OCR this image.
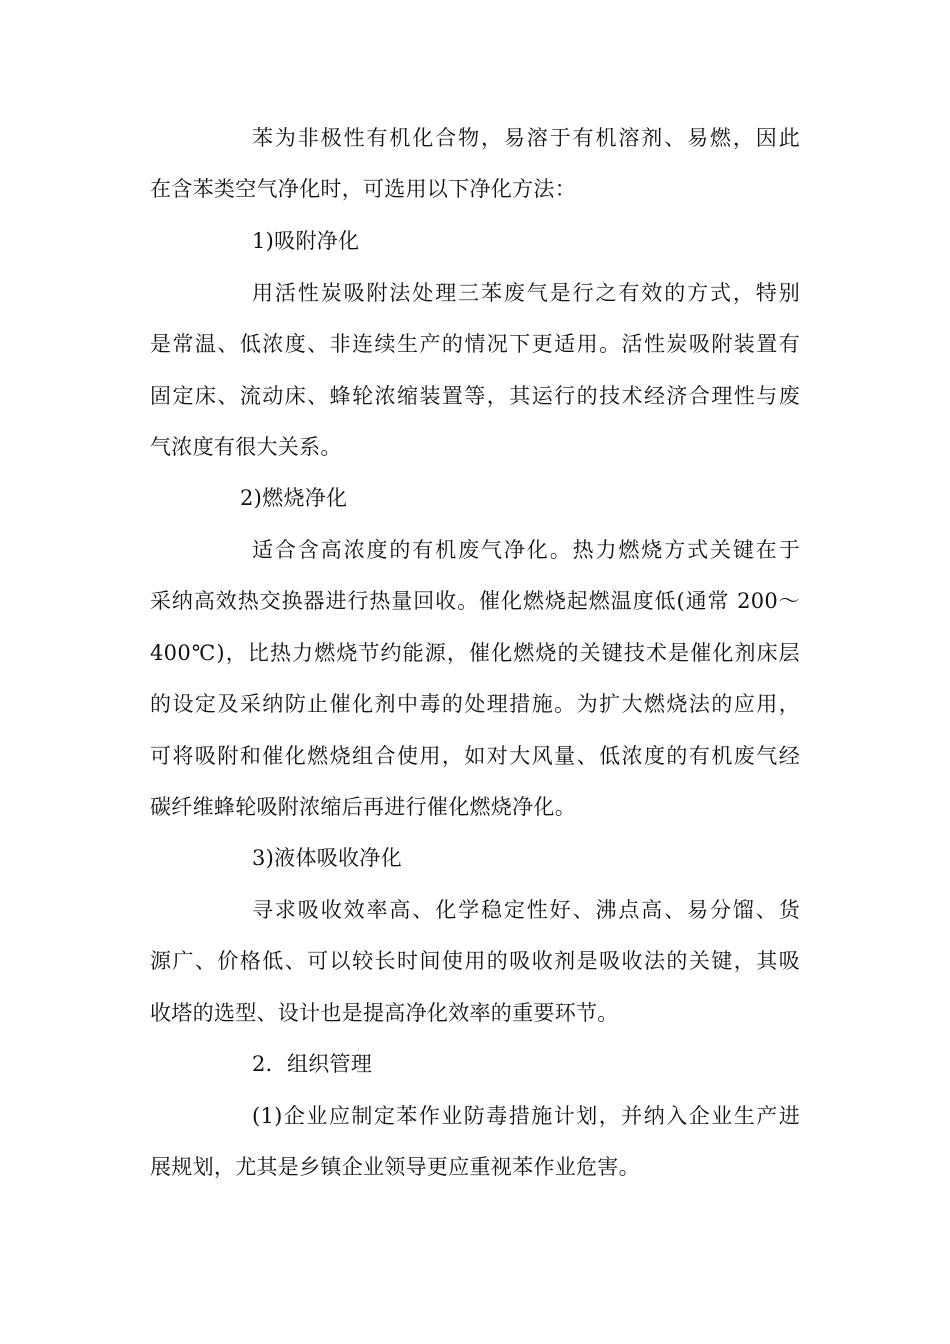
苯为非极性有机化合物，易溶于有机溶剂、易燃，因此
在含苯类空气净化时，可选用以下净化方法：
1)吸附净化
用活性炭吸附法处理三苯废气是行之有效的方式，特别
是常温、低浓度、非连续生产的情况下更适用。活性炭吸附装置有
固定床、流动床、蜂轮浓缩装置等，其运行的技术经济合理性与废
气浓度有很大关系。
2)燃烧净化
适合含高浓度的有机废气净化。热力燃烧方式关键在于
采纳高效热交换器进行热量回收。催化燃烧起燃温度低(通常 200～
400℃)，比热力燃烧节约能源，催化燃烧的关键技术是催化剂床层
的设定及采纳防止催化剂中毒的处理措施。为扩大燃烧法的应用，
可将吸附和催化燃烧组合使用，如对大风量、低浓度的有机废气经
碳纤维蜂轮吸附浓缩后再进行催化燃烧净化。
3)液体吸收净化
寻求吸收效率高、化学稳定性好、沸点高、易分馏、货
源广、价格低、可以较长时间使用的吸收剂是吸收法的关键，其吸
收塔的选型、设计也是提高净化效率的重要环节。
2．组织管理
(1)企业应制定苯作业防毒措施计划，并纳入企业生产进
展规划，尤其是乡镇企业领导更应重视苯作业危害。
